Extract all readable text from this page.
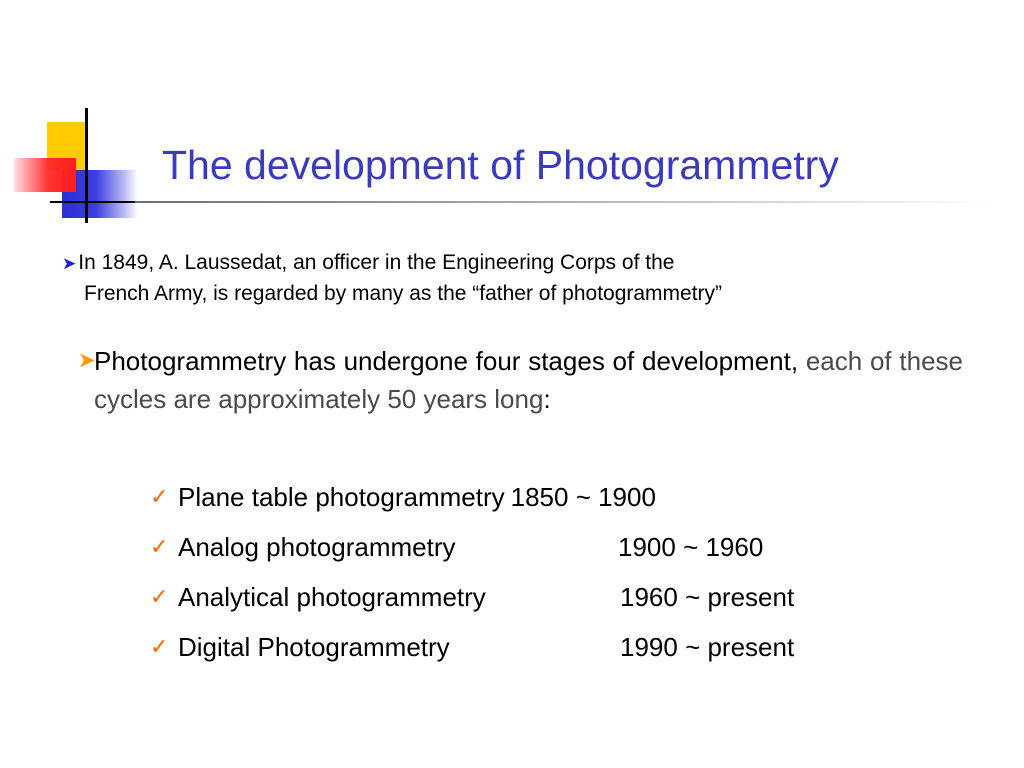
The development of Photogrammetry
➤In 1849, A. Laussedat, an officer in the Engineering Corps of the
French Army, is regarded by many as the “father of photogrammetry”
➤
Photogrammetry has undergone four stages of development, each of these cycles are approximately 50 years long:
✓ Plane table photogrammetry 1850 ~ 1900
✓ Analog photogrammetry	1900 ~ 1960
✓ Analytical photogrammetry	1960 ~ present
✓ Digital Photogrammetry	1990 ~ present
